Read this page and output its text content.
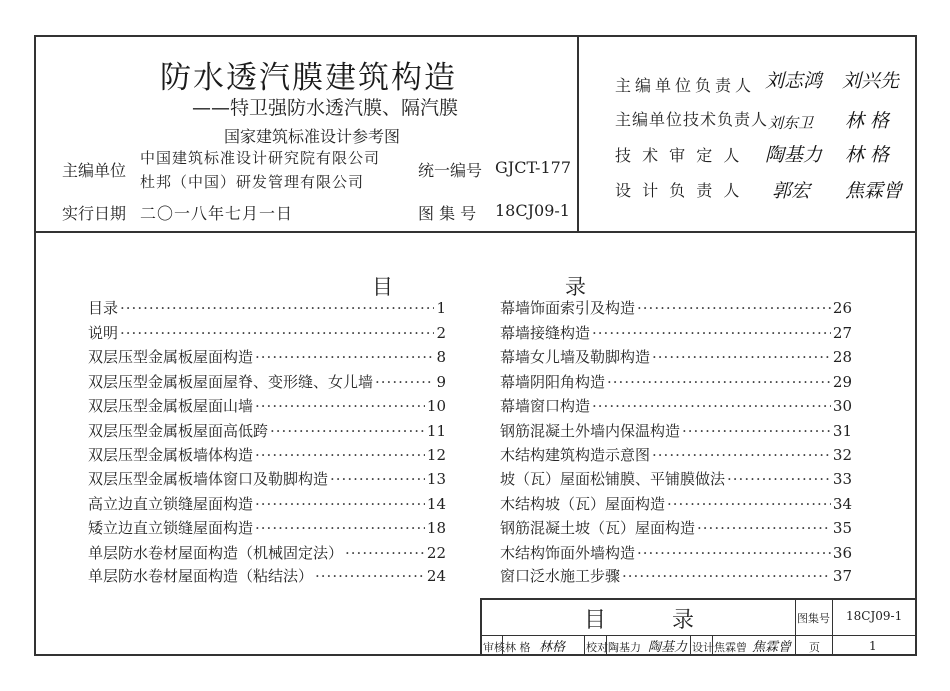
防水透汽膜建筑构造
——特卫强防水透汽膜、隔汽膜
国家建筑标准设计参考图
主编单位
中国建筑标准设计研究院有限公司
杜邦（中国）研发管理有限公司
统一编号 GJCT-177
实行日期 二〇一八年七月一日	图 集 号 18CJ09-1
主编单位负责人 刘志鸿 刘兴先
主编单位技术负责人 刘东卫 林 格
技 术 审 定 人 陶基力 林 格
设 计 负 责 人 郭宏 焦霖曾
目	录
目录 ·····	1
说明 ·····	2
双层压型金属板屋面构造 ·····	8
双层压型金属板屋面屋脊、变形缝、女儿墙 ·····	9
双层压型金属板屋面山墙 ·····	10
双层压型金属板屋面高低跨 ·····	11
双层压型金属板墙体构造 ·····	12
双层压型金属板墙体窗口及勒脚构造 ·····	13
高立边直立锁缝屋面构造 ·····	14
矮立边直立锁缝屋面构造 ·····	18
单层防水卷材屋面构造（机械固定法） ·····	22
单层防水卷材屋面构造（粘结法） ·····	24
幕墙饰面索引及构造 ·····	26
幕墙接缝构造 ·····	27
幕墙女儿墙及勒脚构造 ·····	28
幕墙阴阳角构造 ·····	29
幕墙窗口构造 ·····	30
钢筋混凝土外墙内保温构造 ·····	31
木结构建筑构造示意图 ·····	32
坡（瓦）屋面松铺膜、平铺膜做法 ·····	33
木结构坡（瓦）屋面构造 ·····	34
钢筋混凝土坡（瓦）屋面构造 ·····	35
木结构饰面外墙构造 ·····	36
窗口泛水施工步骤 ·····	37
目	录	图集号 18CJ09-1
页	1
审核 林 格 林格 校对 陶基力 陶基力 设计 焦霖曾 焦霖曾
